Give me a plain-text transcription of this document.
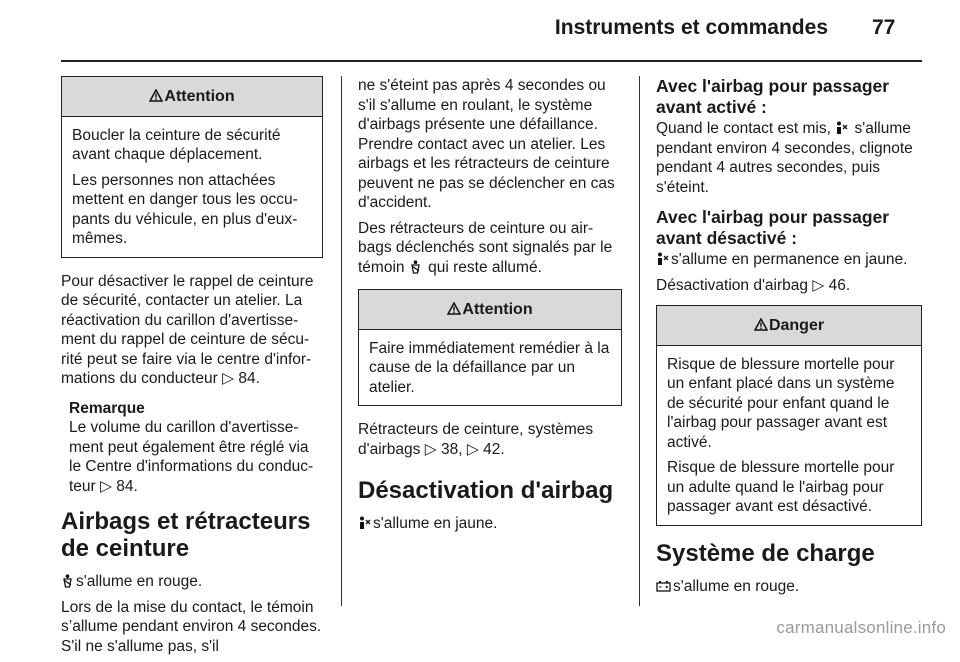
Instruments et commandes 77
Attention

Boucler la ceinture de sécurité avant chaque déplacement.

Les personnes non attachées mettent en danger tous les occu-pants du véhicule, en plus d'eux-mêmes.

Pour désactiver le rappel de ceinture de sécurité, contacter un atelier. La réactivation du carillon d'avertisse-ment du rappel de ceinture de sécu-rité peut se faire via le centre d'infor-mations du conducteur ▷ 84.

Remarque
Le volume du carillon d'avertisse-ment peut également être réglé via le Centre d'informations du conduc-teur ▷ 84.
Airbags et rétracteurs de ceinture

s'allume en rouge.

Lors de la mise du contact, le témoin s’allume pendant environ 4 secondes. S'il ne s'allume pas, s'il

ne s'éteint pas après 4 secondes ou s'il s'allume en roulant, le système d'airbags présente une défaillance. Prendre contact avec un atelier. Les airbags et les rétracteurs de ceinture peuvent ne pas se déclencher en cas d'accident.

Des rétracteurs de ceinture ou air-bags déclenchés sont signalés par le témoin qui reste allumé.

Attention

Faire immédiatement remédier à la cause de la défaillance par un atelier.

Rétracteurs de ceinture, systèmes d'airbags ▷ 38, ▷ 42.

Désactivation d'airbag

s'allume en jaune.

Avec l'airbag pour passager avant activé :

Quand le contact est mis, s'allume pendant environ 4 secondes, clignote pendant 4 autres secondes, puis s'éteint.

Avec l'airbag pour passager avant désactivé :

s'allume en permanence en jaune.

Désactivation d'airbag ▷ 46.

Danger

Risque de blessure mortelle pour un enfant placé dans un système de sécurité pour enfant quand le l'airbag pour passager avant est activé.

Risque de blessure mortelle pour un adulte quand le l'airbag pour passager avant est désactivé.

Système de charge

s'allume en rouge.

carmanualsonline.info
